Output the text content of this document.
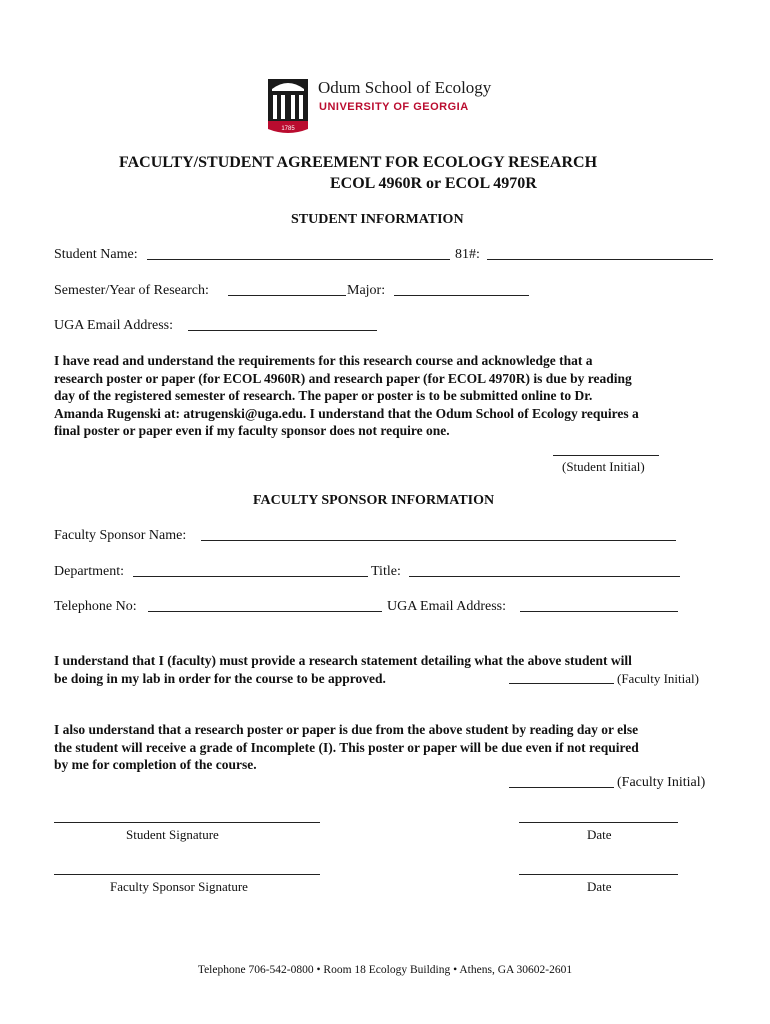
1785
Odum School of Ecology
UNIVERSITY OF GEORGIA
FACULTY/STUDENT AGREEMENT FOR ECOLOGY RESEARCH
ECOL 4960R or ECOL 4970R
STUDENT INFORMATION
Student Name:	81#:
Semester/Year of Research:	Major:
UGA Email Address:
I have read and understand the requirements for this research course and acknowledge that a
research poster or paper (for ECOL 4960R) and research paper (for ECOL 4970R) is due by reading
day of the registered semester of research. The paper or poster is to be submitted online to Dr.
Amanda Rugenski at: atrugenski@uga.edu. I understand that the Odum School of Ecology requires a
final poster or paper even if my faculty sponsor does not require one.
(Student Initial)
FACULTY SPONSOR INFORMATION
Faculty Sponsor Name:
Department:	Title:
Telephone No:	UGA Email Address:
I understand that I (faculty) must provide a research statement detailing what the above student will
be doing in my lab in order for the course to be approved.	(Faculty Initial)
I also understand that a research poster or paper is due from the above student by reading day or else
the student will receive a grade of Incomplete (I). This poster or paper will be due even if not required
by me for completion of the course.
(Faculty Initial)
Student Signature	Date
Faculty Sponsor Signature	Date
Telephone 706-542-0800 • Room 18 Ecology Building • Athens, GA 30602-2601
